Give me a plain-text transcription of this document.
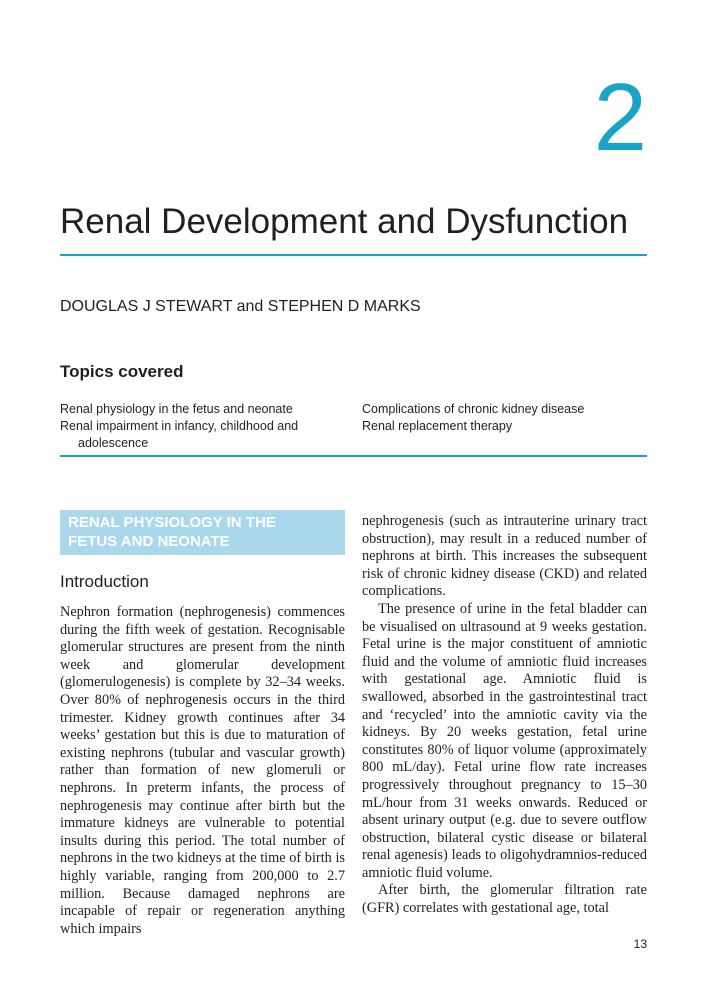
2
Renal Development and Dysfunction
DOUGLAS J STEWART and STEPHEN D MARKS
Topics covered
Renal physiology in the fetus and neonate
Renal impairment in infancy, childhood and
adolescence
Complications of chronic kidney disease
Renal replacement therapy
RENAL PHYSIOLOGY IN THE
FETUS AND NEONATE
Introduction

Nephron formation (nephrogenesis) commences during the fifth week of gestation. Recognisable glomerular structures are present from the ninth week and glomerular development (glomerulogenesis) is complete by 32–34 weeks. Over 80% of nephrogenesis occurs in the third trimester. Kidney growth continues after 34 weeks’ gestation but this is due to maturation of existing nephrons (tubular and vascular growth) rather than formation of new glomeruli or nephrons. In preterm infants, the process of nephrogenesis may continue after birth but the immature kidneys are vulnerable to potential insults during this period. The total number of nephrons in the two kidneys at the time of birth is highly variable, ranging from 200,000 to 2.7 million. Because damaged nephrons are incapable of repair or regeneration anything which impairs

nephrogenesis (such as intrauterine urinary tract obstruction), may result in a reduced number of nephrons at birth. This increases the subsequent risk of chronic kidney disease (CKD) and related complications.

The presence of urine in the fetal bladder can be visualised on ultrasound at 9 weeks gestation. Fetal urine is the major constituent of amniotic fluid and the volume of amniotic fluid increases with gestational age. Amniotic fluid is swallowed, absorbed in the gastrointestinal tract and ‘recycled’ into the amniotic cavity via the kidneys. By 20 weeks gestation, fetal urine constitutes 80% of liquor volume (approximately 800 mL/day). Fetal urine flow rate increases progressively throughout pregnancy to 15–30 mL/hour from 31 weeks onwards. Reduced or absent urinary output (e.g. due to severe outflow obstruction, bilateral cystic disease or bilateral renal agenesis) leads to oligohydramnios-reduced amniotic fluid volume.

After birth, the glomerular filtration rate (GFR) correlates with gestational age, total

13
